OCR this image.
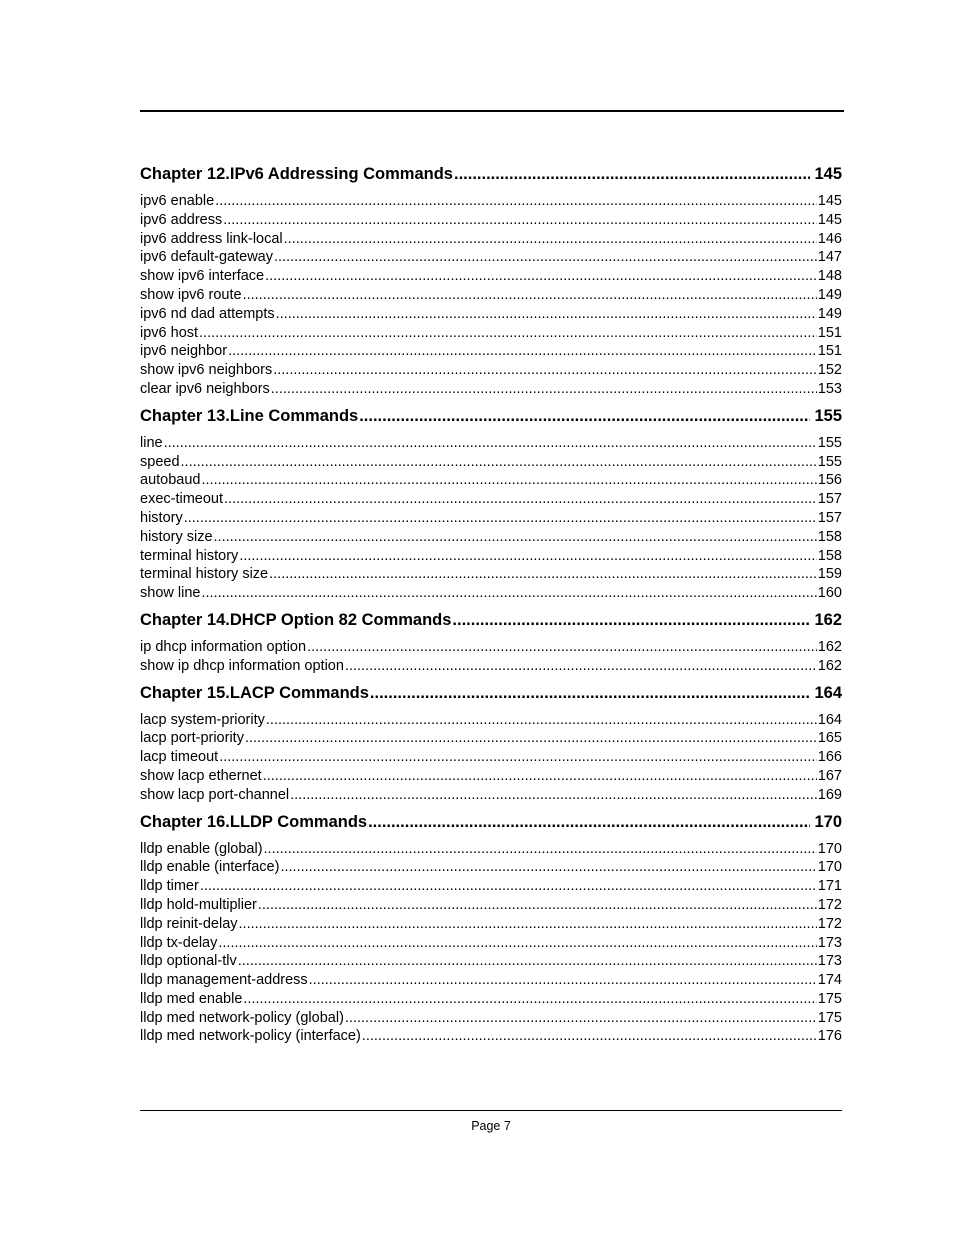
Chapter 12.IPv6 Addressing Commands .....	145
ipv6 enable .....	145
ipv6 address .....	145
ipv6 address link-local .....	146
ipv6 default-gateway .....	147
show ipv6 interface .....	148
show ipv6 route .....	149
ipv6 nd dad attempts .....	149
ipv6 host .....	151
ipv6 neighbor .....	151
show ipv6 neighbors .....	152
clear ipv6 neighbors .....	153
Chapter 13.Line Commands .....	155
line .....	155
speed .....	155
autobaud .....	156
exec-timeout .....	157
history .....	157
history size .....	158
terminal history .....	158
terminal history size .....	159
show line .....	160
Chapter 14.DHCP Option 82 Commands .....	162
ip dhcp information option .....	162
show ip dhcp information option .....	162
Chapter 15.LACP Commands .....	164
lacp system-priority .....	164
lacp port-priority .....	165
lacp timeout .....	166
show lacp ethernet .....	167
show lacp port-channel .....	169
Chapter 16.LLDP Commands .....	170
lldp enable (global) .....	170
lldp enable (interface) .....	170
lldp timer .....	171
lldp hold-multiplier .....	172
lldp reinit-delay .....	172
lldp tx-delay .....	173
lldp optional-tlv .....	173
lldp management-address .....	174
lldp med enable .....	175
lldp med network-policy (global) .....	175
lldp med network-policy (interface) .....	176
Page 7
